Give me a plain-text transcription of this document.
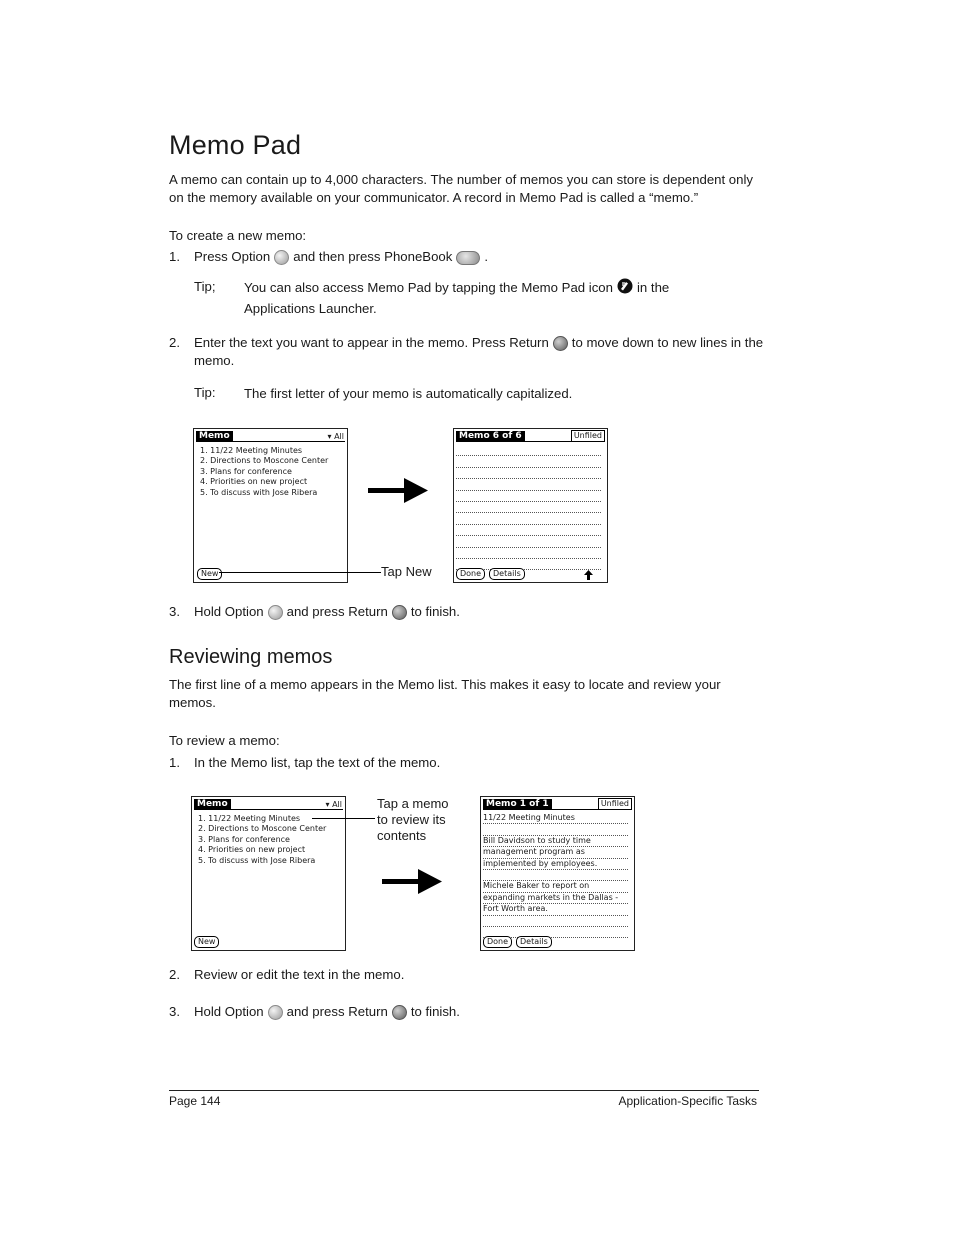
Memo Pad
A memo can contain up to 4,000 characters. The number of memos you can store is dependent only on the memory available on your communicator. A record in Memo Pad is called a “memo.”
To create a new memo:
1. Press Option and then press PhoneBook .
Tip; You can also access Memo Pad by tapping the Memo Pad icon in the Applications Launcher.
2. Enter the text you want to appear in the memo. Press Return to move down to new lines in the memo.
Tip: The first letter of your memo is automatically capitalized.
Memo	▾ All
1. 11/22 Meeting Minutes
2. Directions to Moscone Center
3. Plans for conference
4. Priorities on new project
5. To discuss with Jose Ribera
New	Tap New
Memo 6 of 6	Unfiled
Done	Details
3. Hold Option and press Return to finish.
Reviewing memos
The first line of a memo appears in the Memo list. This makes it easy to locate and review your memos.
To review a memo:
1. In the Memo list, tap the text of the memo.
Memo	▾ All
1. 11/22 Meeting Minutes
2. Directions to Moscone Center
3. Plans for conference
4. Priorities on new project
5. To discuss with Jose Ribera
New
Tap a memo
to review its
contents
Memo 1 of 1	Unfiled
11/22 Meeting Minutes
Bill Davidson to study time
management program as
implemented by employees.
Michele Baker to report on
expanding markets in the Dallas -
Fort Worth area.
Done	Details
2. Review or edit the text in the memo.
3. Hold Option and press Return to finish.
Page 144	Application-Specific Tasks
